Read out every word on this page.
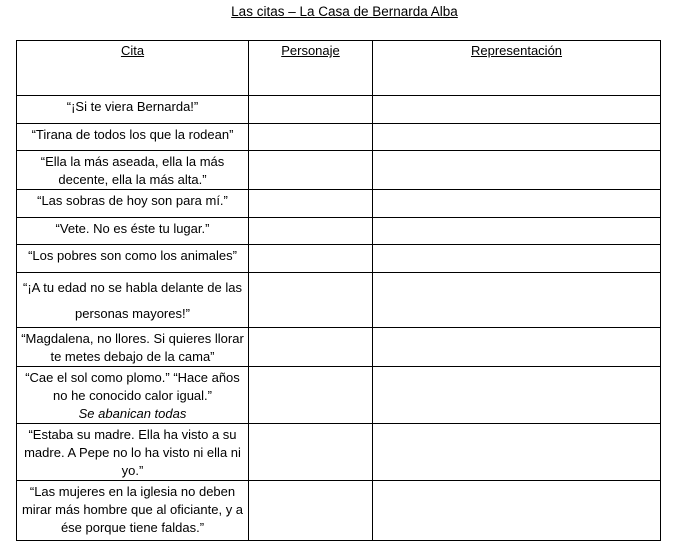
Las citas – La Casa de Bernarda Alba
Cita	Personaje	Representación

“¡Si te viera Bernarda!”		

“Tirana de todos los que la rodean”		

“Ella la más aseada, ella la más decente, ella la más alta.”		

“Las sobras de hoy son para mí.”		

“Vete. No es éste tu lugar.”		

“Los pobres son como los animales”		

“¡A tu edad no se habla delante de las personas mayores!”		

“Magdalena, no llores. Si quieres llorar te metes debajo de la cama”		

“Cae el sol como plomo.” “Hace años no he conocido calor igual.”
Se abanican todas		

“Estaba su madre. Ella ha visto a su madre. A Pepe no lo ha visto ni ella ni yo.”		

“Las mujeres en la iglesia no deben mirar más hombre que al oficiante, y a ése porque tiene faldas.”		
